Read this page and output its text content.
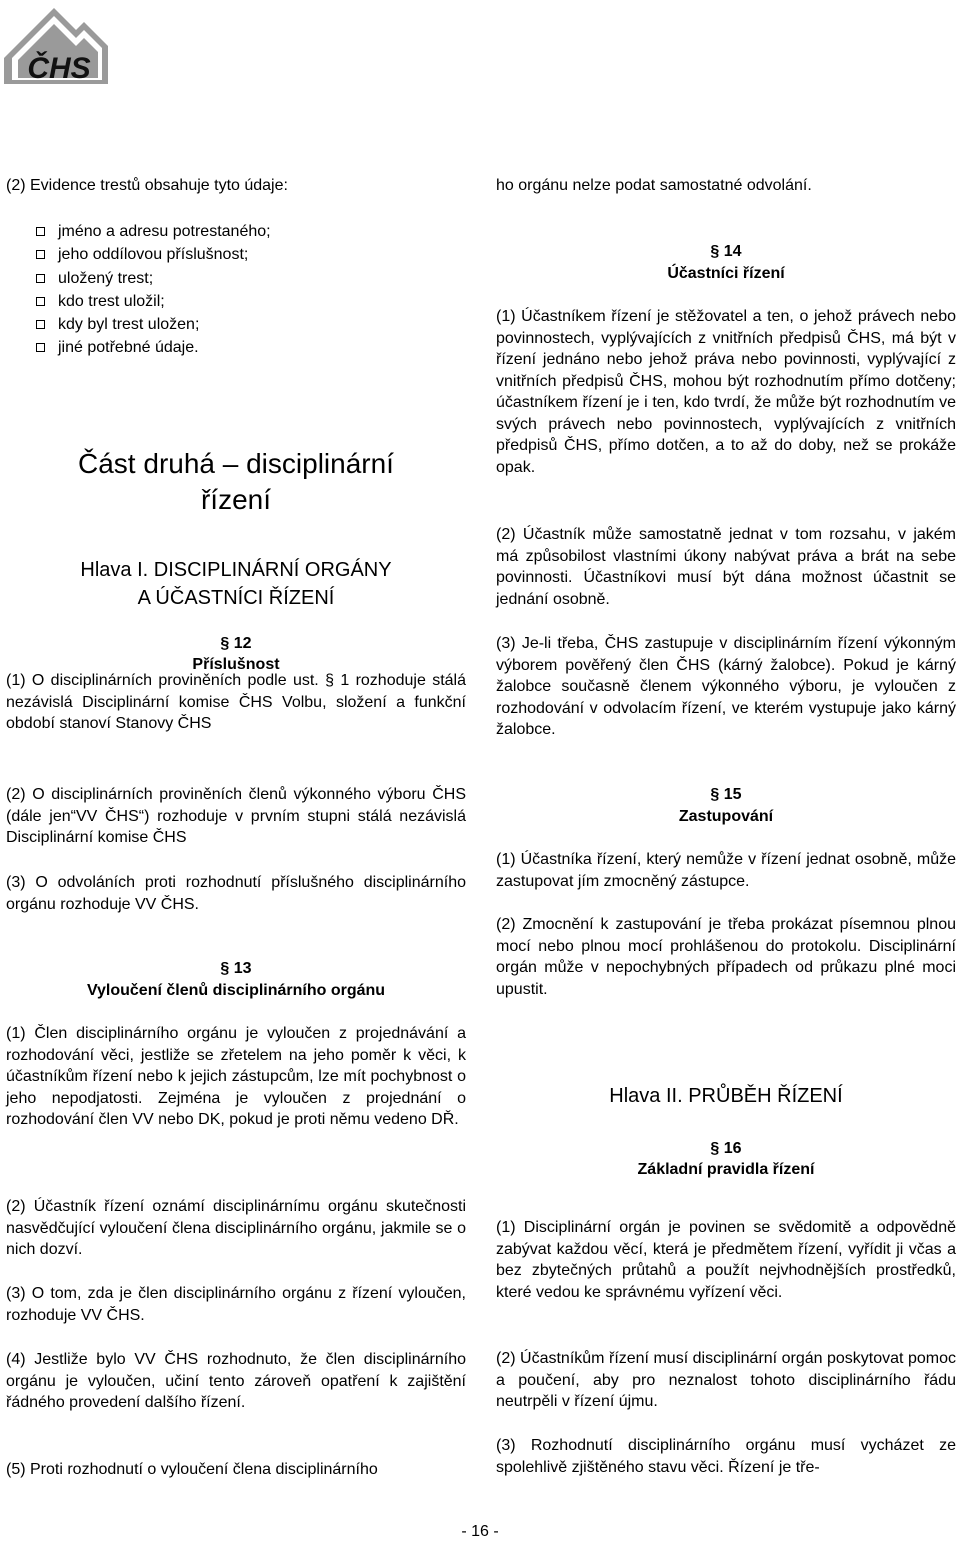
ČHS

(2) Evidence trestů obsahuje tyto údaje:

jméno a adresu potrestaného;
jeho oddílovou příslušnost;
uložený trest;
kdo trest uložil;
kdy byl trest uložen;
jiné potřebné údaje.
Část druhá – disciplinární
řízení
Hlava I. DISCIPLINÁRNÍ ORGÁNY
A ÚČASTNÍCI ŘÍZENÍ
§ 12
Příslušnost

(1) O disciplinárních proviněních podle ust. § 1 rozhoduje stálá nezávislá Disciplinární komise ČHS Volbu, složení a funkční období stanoví Stanovy ČHS

(2) O disciplinárních proviněních členů výkonného výboru ČHS (dále jen“VV ČHS“) rozhoduje v prvním stupni stálá nezávislá Disciplinární komise ČHS

(3) O odvoláních proti rozhodnutí příslušného disciplinárního orgánu rozhoduje VV ČHS.

§ 13
Vyloučení členů disciplinárního orgánu

(1) Člen disciplinárního orgánu je vyloučen z projednávání a rozhodování věci, jestliže se zřetelem na jeho poměr k věci, k účastníkům řízení nebo k jejich zástupcům, lze mít pochybnost o jeho nepodjatosti. Zejména je vyloučen z projednání o rozhodování člen VV nebo DK, pokud je proti němu vedeno DŘ.

(2) Účastník řízení oznámí disciplinárnímu orgánu skutečnosti nasvědčující vyloučení člena disciplinárního orgánu, jakmile se o nich dozví.

(3) O tom, zda je člen disciplinárního orgánu z řízení vyloučen, rozhoduje VV ČHS.

(4) Jestliže bylo VV ČHS rozhodnuto, že člen disciplinárního orgánu je vyloučen, učiní tento zároveň opatření k zajištění řádného provedení dalšího řízení.

(5) Proti rozhodnutí o vyloučení člena disciplinárního

ho orgánu nelze podat samostatné odvolání.

§ 14
Účastníci řízení

(1) Účastníkem řízení je stěžovatel a ten, o jehož právech nebo povinnostech, vyplývajících z vnitřních předpisů ČHS, má být v řízení jednáno nebo jehož práva nebo povinnosti, vyplývající z vnitřních předpisů ČHS, mohou být rozhodnutím přímo dotčeny; účastníkem řízení je i ten, kdo tvrdí, že může být rozhodnutím ve svých právech nebo povinnostech, vyplývajících z vnitřních předpisů ČHS, přímo dotčen, a to až do doby, než se prokáže opak.

(2) Účastník může samostatně jednat v tom rozsahu, v jakém má způsobilost vlastními úkony nabývat práva a brát na sebe povinnosti. Účastníkovi musí být dána možnost účastnit se jednání osobně.

(3) Je-li třeba, ČHS zastupuje v disciplinárním řízení výkonným výborem pověřený člen ČHS (kárný žalobce). Pokud je kárný žalobce současně členem výkonného výboru, je vyloučen z rozhodování v odvolacím řízení, ve kterém vystupuje jako kárný žalobce.

§ 15
Zastupování

(1) Účastníka řízení, který nemůže v řízení jednat osobně, může zastupovat jím zmocněný zástupce.

(2) Zmocnění k zastupování je třeba prokázat písemnou plnou mocí nebo plnou mocí prohlášenou do protokolu. Disciplinární orgán může v nepochybných případech od průkazu plné moci upustit.

Hlava II. PRŮBĚH ŘÍZENÍ
§ 16
Základní pravidla řízení

(1) Disciplinární orgán je povinen se svědomitě a odpovědně zabývat každou věcí, která je předmětem řízení, vyřídit ji včas a bez zbytečných průtahů a použít nejvhodnějších prostředků, které vedou ke správnému vyřízení věci.

(2) Účastníkům řízení musí disciplinární orgán poskytovat pomoc a poučení, aby pro neznalost tohoto disciplinárního řádu neutrpěli v řízení újmu.

(3) Rozhodnutí disciplinárního orgánu musí vycházet ze spolehlivě zjištěného stavu věci. Řízení je tře-

- 16 -
